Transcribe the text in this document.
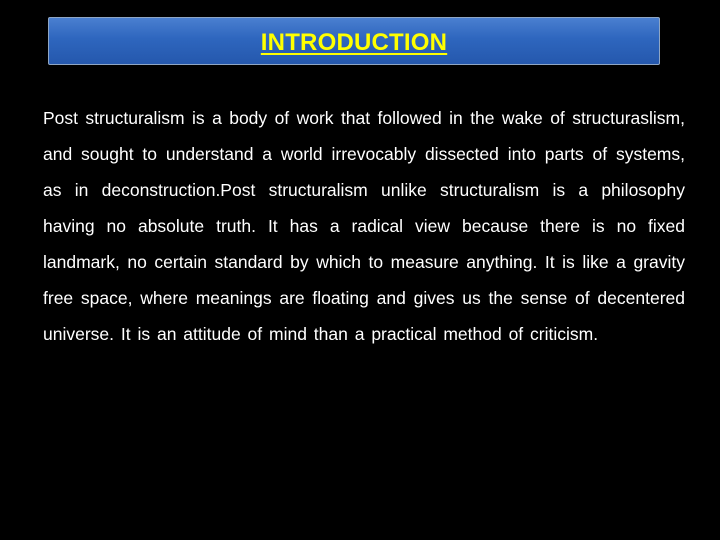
INTRODUCTION

Post structuralism is a body of work that followed in the wake of structuraslism, and sought to understand a world irrevocably dissected into parts of systems, as in deconstruction.Post structuralism unlike structuralism is a philosophy having no absolute truth. It has a radical view because there is no fixed landmark, no certain standard by which to measure anything. It is like a gravity free space, where meanings are floating and gives us the sense of decentered universe. It is an attitude of mind than a practical method of criticism.
